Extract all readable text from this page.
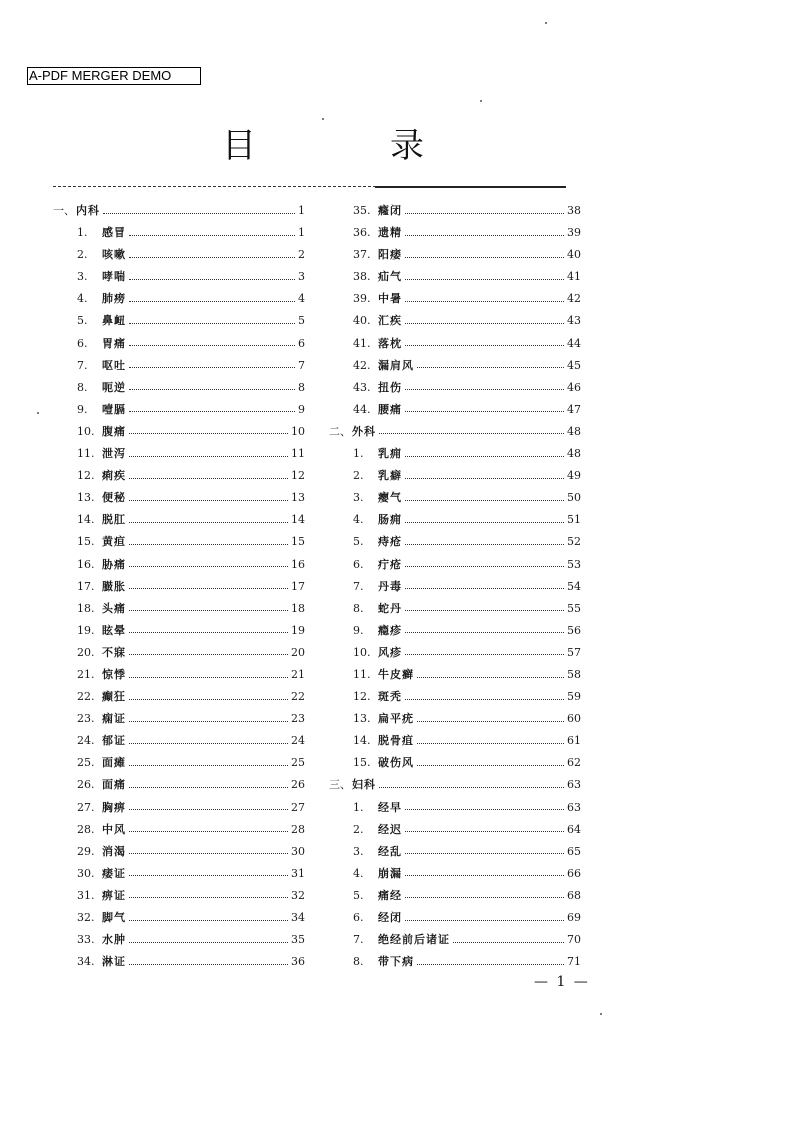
A-PDF MERGER DEMO
目	录
一、 内科	1
1.	感冒	1
2.	咳嗽	2
3.	哮喘	3
4.	肺痨	4
5.	鼻衄	5
6.	胃痛	6
7.	呕吐	7
8.	呃逆	8
9.	噎膈	9
10. 腹痛	10
11. 泄泻	11
12. 痢疾	12
13. 便秘	13
14. 脱肛	14
15. 黄疸	15
16. 胁痛	16
17. 臌胀	17
18. 头痛	18
19. 眩晕	19
20. 不寐	20
21. 惊悸	21
22. 癫狂	22
23. 痫证	23
24. 郁证	24
25. 面瘫	25
26. 面痛	26
27. 胸痹	27
28. 中风	28
29. 消渴	30
30. 痿证	31
31. 痹证	32
32. 脚气	34
33. 水肿	35
34. 淋证	36
35. 癃闭	38
36. 遗精	39
37. 阳痿	40
38. 疝气	41
39. 中暑	42
40. 汇疾	43
41. 落枕	44
42. 漏肩风	45
43. 扭伤	46
44. 腰痛	47
二、 外科	48
1.	乳痈	48
2.	乳癖	49
3.	瘿气	50
4.	肠痈	51
5.	痔疮	52
6.	疔疮	53
7.	丹毒	54
8.	蛇丹	55
9.	瘾疹	56
10. 风疹	57
11. 牛皮癣	58
12. 斑秃	59
13. 扁平疣	60
14. 脱骨疽	61
15. 破伤风	62
三、 妇科	63
1.	经早	63
2.	经迟	64
3.	经乱	65
4.	崩漏	66
5.	痛经	68
6.	经闭	69
7.	绝经前后诸证	70
8.	带下病	71
— 1 —
